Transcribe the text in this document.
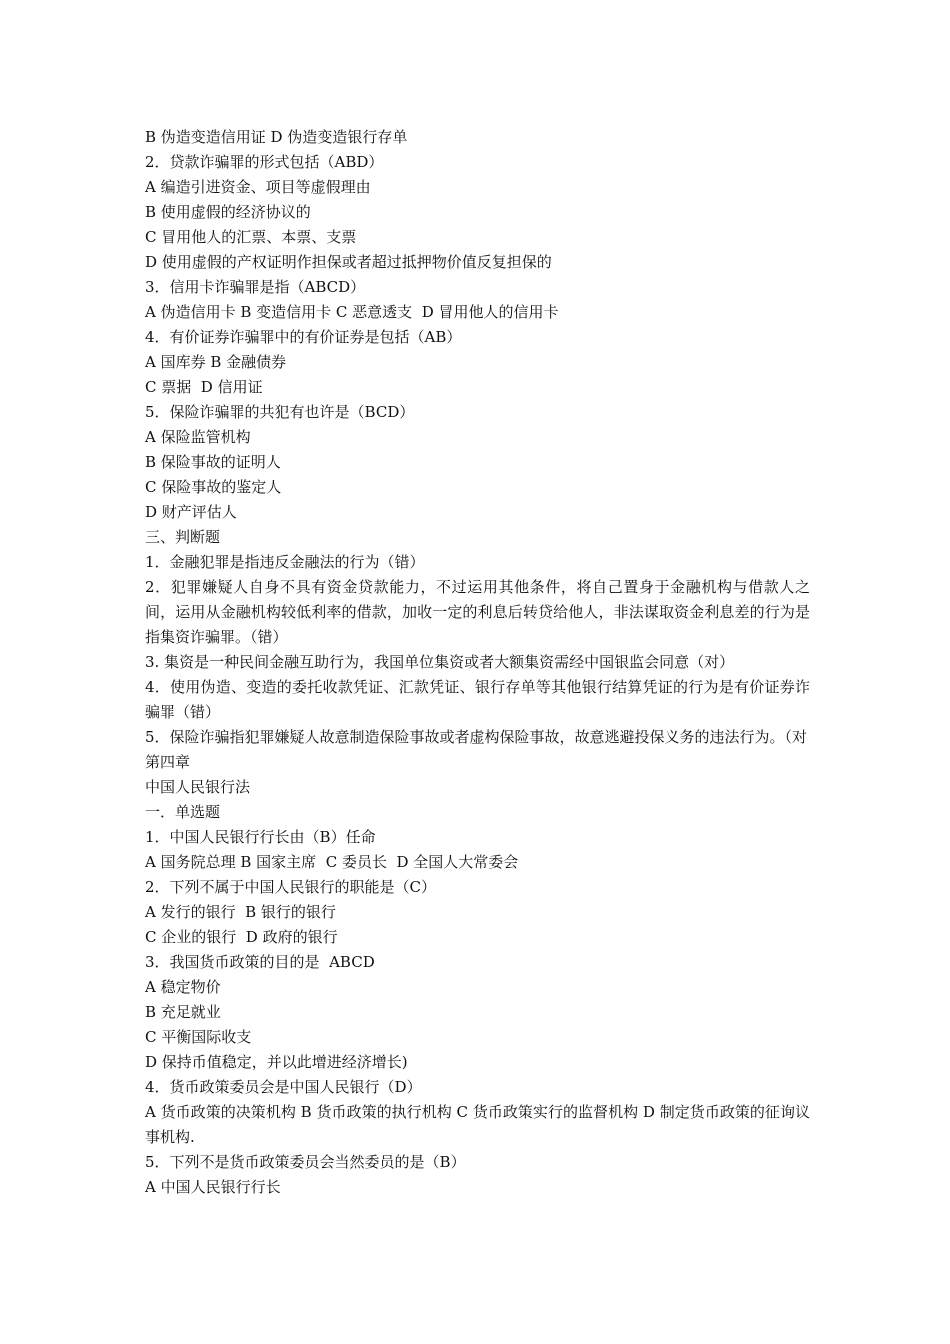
B 伪造变造信用证 D 伪造变造银行存单
2．贷款诈骗罪的形式包括（ABD）
A 编造引进资金、项目等虚假理由
B 使用虚假的经济协议的
C 冒用他人的汇票、本票、支票
D 使用虚假的产权证明作担保或者超过抵押物价值反复担保的
3．信用卡诈骗罪是指（ABCD）
A 伪造信用卡 B 变造信用卡 C 恶意透支  D 冒用他人的信用卡
4．有价证券诈骗罪中的有价证券是包括（AB）
A 国库券 B 金融债券
C 票据  D 信用证
5．保险诈骗罪的共犯有也许是（BCD）
A 保险监管机构
B 保险事故的证明人
C 保险事故的鉴定人
D 财产评估人
三、判断题
1．金融犯罪是指违反金融法的行为（错）
2．犯罪嫌疑人自身不具有资金贷款能力，不过运用其他条件，将自己置身于金融机构与借款人之间，运用从金融机构较低利率的借款，加收一定的利息后转贷给他人，非法谋取资金利息差的行为是指集资诈骗罪。（错）
3. 集资是一种民间金融互助行为，我国单位集资或者大额集资需经中国银监会同意（对）
4．使用伪造、变造的委托收款凭证、汇款凭证、银行存单等其他银行结算凭证的行为是有价证券诈骗罪（错）
5．保险诈骗指犯罪嫌疑人故意制造保险事故或者虚构保险事故，故意逃避投保义务的违法行为。（对
第四章
中国人民银行法
一．单选题
1．中国人民银行行长由（B）任命
A 国务院总理 B 国家主席  C 委员长  D 全国人大常委会
2．下列不属于中国人民银行的职能是（C）
A 发行的银行  B 银行的银行
C 企业的银行  D 政府的银行
3．我国货币政策的目的是  ABCD
A 稳定物价
B 充足就业
C 平衡国际收支
D 保持币值稳定，并以此增进经济增长)
4．货币政策委员会是中国人民银行（D）
A 货币政策的决策机构 B 货币政策的执行机构 C 货币政策实行的监督机构 D 制定货币政策的征询议事机构.
5．下列不是货币政策委员会当然委员的是（B）
A 中国人民银行行长
